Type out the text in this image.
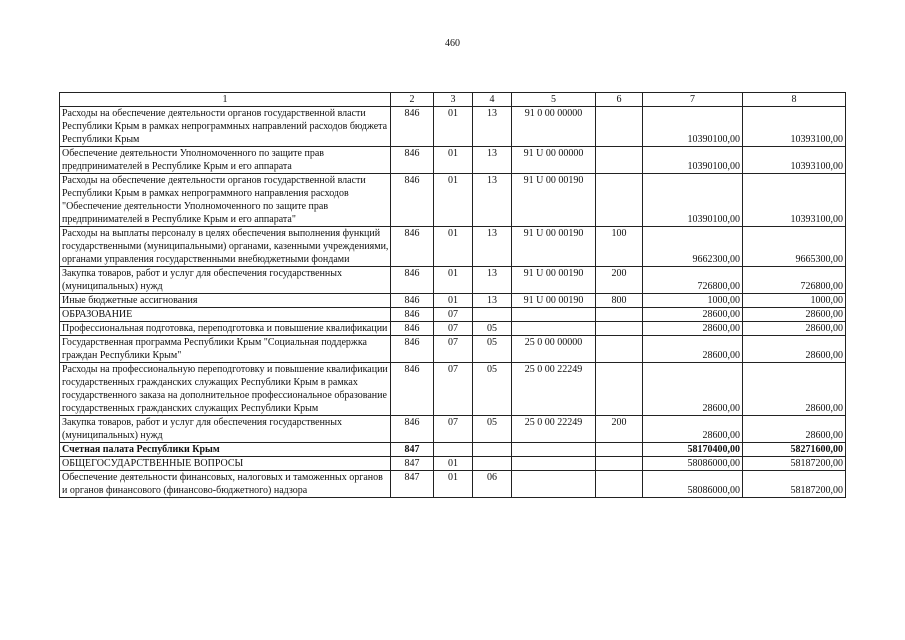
460
1	2	3	4	5	6	7	8
Расходы на обеспечение деятельности органов государственной власти Республики Крым в рамках непрограммных направлений расходов бюджета Республики Крым	846	01	13	91 0 00 00000		10390100,00	10393100,00
Обеспечение деятельности Уполномоченного по защите прав предпринимателей в Республике Крым и его аппарата	846	01	13	91 U 00 00000		10390100,00	10393100,00
Расходы на обеспечение деятельности органов государственной власти Республики Крым в рамках непрограммного направления расходов "Обеспечение деятельности Уполномоченного по защите прав предпринимателей в Республике Крым и его аппарата"	846	01	13	91 U 00 00190		10390100,00	10393100,00
Расходы на выплаты персоналу в целях обеспечения выполнения функций государственными (муниципальными) органами, казенными учреждениями, органами управления государственными внебюджетными фондами	846	01	13	91 U 00 00190	100	9662300,00	9665300,00
Закупка товаров, работ и услуг для обеспечения государственных (муниципальных) нужд	846	01	13	91 U 00 00190	200	726800,00	726800,00
Иные бюджетные ассигнования	846	01	13	91 U 00 00190	800	1000,00	1000,00
ОБРАЗОВАНИЕ	846	07				28600,00	28600,00
Профессиональная подготовка, переподготовка и повышение квалификации	846	07	05			28600,00	28600,00
Государственная программа Республики Крым "Социальная поддержка граждан Республики Крым"	846	07	05	25 0 00 00000		28600,00	28600,00
Расходы на профессиональную переподготовку и повышение квалификации государственных гражданских служащих Республики Крым в рамках государственного заказа на дополнительное профессиональное образование государственных гражданских служащих Республики Крым	846	07	05	25 0 00 22249		28600,00	28600,00
Закупка товаров, работ и услуг для обеспечения государственных (муниципальных) нужд	846	07	05	25 0 00 22249	200	28600,00	28600,00
Счетная палата Республики Крым	847					58170400,00	58271600,00
ОБЩЕГОСУДАРСТВЕННЫЕ ВОПРОСЫ	847	01				58086000,00	58187200,00
Обеспечение деятельности финансовых, налоговых и таможенных органов и органов финансового (финансово-бюджетного) надзора	847	01	06			58086000,00	58187200,00
